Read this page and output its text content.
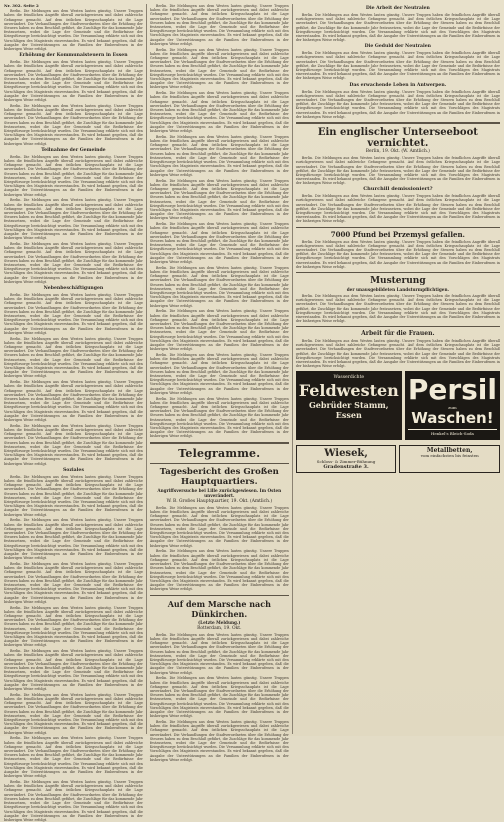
Nr. 302. Seite 2

Berlin. Die Meldungen aus dem Westen lauten günstig. Unsere Truppen haben die feindlichen Angriffe überall zurückgewiesen und dabei zahlreiche Gefangene gemacht. Auf dem östlichen Kriegsschauplatz ist die Lage unverändert. Die Verhandlungen der Stadtverordneten über die Erhöhung der Steuern haben zu dem Beschluß geführt, die Zuschläge für das kommende Jahr festzusetzen, wobei die Lage der Gemeinde und die Bedürfnisse der Kriegsfürsorge berücksichtigt wurden. Die Versammlung erklärte sich mit den Vorschlägen des Magistrats einverstanden. Es wird bekannt gegeben, daß die Ausgabe der Unterstützungen an die Familien der Einberufenen in der bisherigen Weise erfolgt.

Erhöhung der Kommunalsteuern in Essen

Berlin. Die Meldungen aus dem Westen lauten günstig. Unsere Truppen haben die feindlichen Angriffe überall zurückgewiesen und dabei zahlreiche Gefangene gemacht. Auf dem östlichen Kriegsschauplatz ist die Lage unverändert. Die Verhandlungen der Stadtverordneten über die Erhöhung der Steuern haben zu dem Beschluß geführt, die Zuschläge für das kommende Jahr festzusetzen, wobei die Lage der Gemeinde und die Bedürfnisse der Kriegsfürsorge berücksichtigt wurden. Die Versammlung erklärte sich mit den Vorschlägen des Magistrats einverstanden. Es wird bekannt gegeben, daß die Ausgabe der Unterstützungen an die Familien der Einberufenen in der bisherigen Weise erfolgt.

Berlin. Die Meldungen aus dem Westen lauten günstig. Unsere Truppen haben die feindlichen Angriffe überall zurückgewiesen und dabei zahlreiche Gefangene gemacht. Auf dem östlichen Kriegsschauplatz ist die Lage unverändert. Die Verhandlungen der Stadtverordneten über die Erhöhung der Steuern haben zu dem Beschluß geführt, die Zuschläge für das kommende Jahr festzusetzen, wobei die Lage der Gemeinde und die Bedürfnisse der Kriegsfürsorge berücksichtigt wurden. Die Versammlung erklärte sich mit den Vorschlägen des Magistrats einverstanden. Es wird bekannt gegeben, daß die Ausgabe der Unterstützungen an die Familien der Einberufenen in der bisherigen Weise erfolgt.

Teilnahme der Gemeinde

Berlin. Die Meldungen aus dem Westen lauten günstig. Unsere Truppen haben die feindlichen Angriffe überall zurückgewiesen und dabei zahlreiche Gefangene gemacht. Auf dem östlichen Kriegsschauplatz ist die Lage unverändert. Die Verhandlungen der Stadtverordneten über die Erhöhung der Steuern haben zu dem Beschluß geführt, die Zuschläge für das kommende Jahr festzusetzen, wobei die Lage der Gemeinde und die Bedürfnisse der Kriegsfürsorge berücksichtigt wurden. Die Versammlung erklärte sich mit den Vorschlägen des Magistrats einverstanden. Es wird bekannt gegeben, daß die Ausgabe der Unterstützungen an die Familien der Einberufenen in der bisherigen Weise erfolgt.

Berlin. Die Meldungen aus dem Westen lauten günstig. Unsere Truppen haben die feindlichen Angriffe überall zurückgewiesen und dabei zahlreiche Gefangene gemacht. Auf dem östlichen Kriegsschauplatz ist die Lage unverändert. Die Verhandlungen der Stadtverordneten über die Erhöhung der Steuern haben zu dem Beschluß geführt, die Zuschläge für das kommende Jahr festzusetzen, wobei die Lage der Gemeinde und die Bedürfnisse der Kriegsfürsorge berücksichtigt wurden. Die Versammlung erklärte sich mit den Vorschlägen des Magistrats einverstanden. Es wird bekannt gegeben, daß die Ausgabe der Unterstützungen an die Familien der Einberufenen in der bisherigen Weise erfolgt.

Berlin. Die Meldungen aus dem Westen lauten günstig. Unsere Truppen haben die feindlichen Angriffe überall zurückgewiesen und dabei zahlreiche Gefangene gemacht. Auf dem östlichen Kriegsschauplatz ist die Lage unverändert. Die Verhandlungen der Stadtverordneten über die Erhöhung der Steuern haben zu dem Beschluß geführt, die Zuschläge für das kommende Jahr festzusetzen, wobei die Lage der Gemeinde und die Bedürfnisse der Kriegsfürsorge berücksichtigt wurden. Die Versammlung erklärte sich mit den Vorschlägen des Magistrats einverstanden. Es wird bekannt gegeben, daß die Ausgabe der Unterstützungen an die Familien der Einberufenen in der bisherigen Weise erfolgt.

Nebenbeschäftigungen

Berlin. Die Meldungen aus dem Westen lauten günstig. Unsere Truppen haben die feindlichen Angriffe überall zurückgewiesen und dabei zahlreiche Gefangene gemacht. Auf dem östlichen Kriegsschauplatz ist die Lage unverändert. Die Verhandlungen der Stadtverordneten über die Erhöhung der Steuern haben zu dem Beschluß geführt, die Zuschläge für das kommende Jahr festzusetzen, wobei die Lage der Gemeinde und die Bedürfnisse der Kriegsfürsorge berücksichtigt wurden. Die Versammlung erklärte sich mit den Vorschlägen des Magistrats einverstanden. Es wird bekannt gegeben, daß die Ausgabe der Unterstützungen an die Familien der Einberufenen in der bisherigen Weise erfolgt.

Berlin. Die Meldungen aus dem Westen lauten günstig. Unsere Truppen haben die feindlichen Angriffe überall zurückgewiesen und dabei zahlreiche Gefangene gemacht. Auf dem östlichen Kriegsschauplatz ist die Lage unverändert. Die Verhandlungen der Stadtverordneten über die Erhöhung der Steuern haben zu dem Beschluß geführt, die Zuschläge für das kommende Jahr festzusetzen, wobei die Lage der Gemeinde und die Bedürfnisse der Kriegsfürsorge berücksichtigt wurden. Die Versammlung erklärte sich mit den Vorschlägen des Magistrats einverstanden. Es wird bekannt gegeben, daß die Ausgabe der Unterstützungen an die Familien der Einberufenen in der bisherigen Weise erfolgt.

Berlin. Die Meldungen aus dem Westen lauten günstig. Unsere Truppen haben die feindlichen Angriffe überall zurückgewiesen und dabei zahlreiche Gefangene gemacht. Auf dem östlichen Kriegsschauplatz ist die Lage unverändert. Die Verhandlungen der Stadtverordneten über die Erhöhung der Steuern haben zu dem Beschluß geführt, die Zuschläge für das kommende Jahr festzusetzen, wobei die Lage der Gemeinde und die Bedürfnisse der Kriegsfürsorge berücksichtigt wurden. Die Versammlung erklärte sich mit den Vorschlägen des Magistrats einverstanden. Es wird bekannt gegeben, daß die Ausgabe der Unterstützungen an die Familien der Einberufenen in der bisherigen Weise erfolgt.

Berlin. Die Meldungen aus dem Westen lauten günstig. Unsere Truppen haben die feindlichen Angriffe überall zurückgewiesen und dabei zahlreiche Gefangene gemacht. Auf dem östlichen Kriegsschauplatz ist die Lage unverändert. Die Verhandlungen der Stadtverordneten über die Erhöhung der Steuern haben zu dem Beschluß geführt, die Zuschläge für das kommende Jahr festzusetzen, wobei die Lage der Gemeinde und die Bedürfnisse der Kriegsfürsorge berücksichtigt wurden. Die Versammlung erklärte sich mit den Vorschlägen des Magistrats einverstanden. Es wird bekannt gegeben, daß die Ausgabe der Unterstützungen an die Familien der Einberufenen in der bisherigen Weise erfolgt.

Soziales

Berlin. Die Meldungen aus dem Westen lauten günstig. Unsere Truppen haben die feindlichen Angriffe überall zurückgewiesen und dabei zahlreiche Gefangene gemacht. Auf dem östlichen Kriegsschauplatz ist die Lage unverändert. Die Verhandlungen der Stadtverordneten über die Erhöhung der Steuern haben zu dem Beschluß geführt, die Zuschläge für das kommende Jahr festzusetzen, wobei die Lage der Gemeinde und die Bedürfnisse der Kriegsfürsorge berücksichtigt wurden. Die Versammlung erklärte sich mit den Vorschlägen des Magistrats einverstanden. Es wird bekannt gegeben, daß die Ausgabe der Unterstützungen an die Familien der Einberufenen in der bisherigen Weise erfolgt.

Berlin. Die Meldungen aus dem Westen lauten günstig. Unsere Truppen haben die feindlichen Angriffe überall zurückgewiesen und dabei zahlreiche Gefangene gemacht. Auf dem östlichen Kriegsschauplatz ist die Lage unverändert. Die Verhandlungen der Stadtverordneten über die Erhöhung der Steuern haben zu dem Beschluß geführt, die Zuschläge für das kommende Jahr festzusetzen, wobei die Lage der Gemeinde und die Bedürfnisse der Kriegsfürsorge berücksichtigt wurden. Die Versammlung erklärte sich mit den Vorschlägen des Magistrats einverstanden. Es wird bekannt gegeben, daß die Ausgabe der Unterstützungen an die Familien der Einberufenen in der bisherigen Weise erfolgt.

Berlin. Die Meldungen aus dem Westen lauten günstig. Unsere Truppen haben die feindlichen Angriffe überall zurückgewiesen und dabei zahlreiche Gefangene gemacht. Auf dem östlichen Kriegsschauplatz ist die Lage unverändert. Die Verhandlungen der Stadtverordneten über die Erhöhung der Steuern haben zu dem Beschluß geführt, die Zuschläge für das kommende Jahr festzusetzen, wobei die Lage der Gemeinde und die Bedürfnisse der Kriegsfürsorge berücksichtigt wurden. Die Versammlung erklärte sich mit den Vorschlägen des Magistrats einverstanden. Es wird bekannt gegeben, daß die Ausgabe der Unterstützungen an die Familien der Einberufenen in der bisherigen Weise erfolgt.

Berlin. Die Meldungen aus dem Westen lauten günstig. Unsere Truppen haben die feindlichen Angriffe überall zurückgewiesen und dabei zahlreiche Gefangene gemacht. Auf dem östlichen Kriegsschauplatz ist die Lage unverändert. Die Verhandlungen der Stadtverordneten über die Erhöhung der Steuern haben zu dem Beschluß geführt, die Zuschläge für das kommende Jahr festzusetzen, wobei die Lage der Gemeinde und die Bedürfnisse der Kriegsfürsorge berücksichtigt wurden. Die Versammlung erklärte sich mit den Vorschlägen des Magistrats einverstanden. Es wird bekannt gegeben, daß die Ausgabe der Unterstützungen an die Familien der Einberufenen in der bisherigen Weise erfolgt.

Berlin. Die Meldungen aus dem Westen lauten günstig. Unsere Truppen haben die feindlichen Angriffe überall zurückgewiesen und dabei zahlreiche Gefangene gemacht. Auf dem östlichen Kriegsschauplatz ist die Lage unverändert. Die Verhandlungen der Stadtverordneten über die Erhöhung der Steuern haben zu dem Beschluß geführt, die Zuschläge für das kommende Jahr festzusetzen, wobei die Lage der Gemeinde und die Bedürfnisse der Kriegsfürsorge berücksichtigt wurden. Die Versammlung erklärte sich mit den Vorschlägen des Magistrats einverstanden. Es wird bekannt gegeben, daß die Ausgabe der Unterstützungen an die Familien der Einberufenen in der bisherigen Weise erfolgt.

Berlin. Die Meldungen aus dem Westen lauten günstig. Unsere Truppen haben die feindlichen Angriffe überall zurückgewiesen und dabei zahlreiche Gefangene gemacht. Auf dem östlichen Kriegsschauplatz ist die Lage unverändert. Die Verhandlungen der Stadtverordneten über die Erhöhung der Steuern haben zu dem Beschluß geführt, die Zuschläge für das kommende Jahr festzusetzen, wobei die Lage der Gemeinde und die Bedürfnisse der Kriegsfürsorge berücksichtigt wurden. Die Versammlung erklärte sich mit den Vorschlägen des Magistrats einverstanden. Es wird bekannt gegeben, daß die Ausgabe der Unterstützungen an die Familien der Einberufenen in der bisherigen Weise erfolgt.

Berlin. Die Meldungen aus dem Westen lauten günstig. Unsere Truppen haben die feindlichen Angriffe überall zurückgewiesen und dabei zahlreiche Gefangene gemacht. Auf dem östlichen Kriegsschauplatz ist die Lage unverändert. Die Verhandlungen der Stadtverordneten über die Erhöhung der Steuern haben zu dem Beschluß geführt, die Zuschläge für das kommende Jahr festzusetzen, wobei die Lage der Gemeinde und die Bedürfnisse der Kriegsfürsorge berücksichtigt wurden. Die Versammlung erklärte sich mit den Vorschlägen des Magistrats einverstanden. Es wird bekannt gegeben, daß die Ausgabe der Unterstützungen an die Familien der Einberufenen in der bisherigen Weise erfolgt.

Berlin. Die Meldungen aus dem Westen lauten günstig. Unsere Truppen haben die feindlichen Angriffe überall zurückgewiesen und dabei zahlreiche Gefangene gemacht. Auf dem östlichen Kriegsschauplatz ist die Lage unverändert. Die Verhandlungen der Stadtverordneten über die Erhöhung der Steuern haben zu dem Beschluß geführt, die Zuschläge für das kommende Jahr festzusetzen, wobei die Lage der Gemeinde und die Bedürfnisse der Kriegsfürsorge berücksichtigt wurden. Die Versammlung erklärte sich mit den Vorschlägen des Magistrats einverstanden. Es wird bekannt gegeben, daß die Ausgabe der Unterstützungen an die Familien der Einberufenen in der bisherigen Weise erfolgt.

Berlin. Die Meldungen aus dem Westen lauten günstig. Unsere Truppen haben die feindlichen Angriffe überall zurückgewiesen und dabei zahlreiche Gefangene gemacht. Auf dem östlichen Kriegsschauplatz ist die Lage unverändert. Die Verhandlungen der Stadtverordneten über die Erhöhung der Steuern haben zu dem Beschluß geführt, die Zuschläge für das kommende Jahr festzusetzen, wobei die Lage der Gemeinde und die Bedürfnisse der Kriegsfürsorge berücksichtigt wurden. Die Versammlung erklärte sich mit den Vorschlägen des Magistrats einverstanden. Es wird bekannt gegeben, daß die Ausgabe der Unterstützungen an die Familien der Einberufenen in der bisherigen Weise erfolgt.

Berlin. Die Meldungen aus dem Westen lauten günstig. Unsere Truppen haben die feindlichen Angriffe überall zurückgewiesen und dabei zahlreiche Gefangene gemacht. Auf dem östlichen Kriegsschauplatz ist die Lage unverändert. Die Verhandlungen der Stadtverordneten über die Erhöhung der Steuern haben zu dem Beschluß geführt, die Zuschläge für das kommende Jahr festzusetzen, wobei die Lage der Gemeinde und die Bedürfnisse der Kriegsfürsorge berücksichtigt wurden. Die Versammlung erklärte sich mit den Vorschlägen des Magistrats einverstanden. Es wird bekannt gegeben, daß die Ausgabe der Unterstützungen an die Familien der Einberufenen in der bisherigen Weise erfolgt.

Berlin. Die Meldungen aus dem Westen lauten günstig. Unsere Truppen haben die feindlichen Angriffe überall zurückgewiesen und dabei zahlreiche Gefangene gemacht. Auf dem östlichen Kriegsschauplatz ist die Lage unverändert. Die Verhandlungen der Stadtverordneten über die Erhöhung der Steuern haben zu dem Beschluß geführt, die Zuschläge für das kommende Jahr festzusetzen, wobei die Lage der Gemeinde und die Bedürfnisse der Kriegsfürsorge berücksichtigt wurden. Die Versammlung erklärte sich mit den Vorschlägen des Magistrats einverstanden. Es wird bekannt gegeben, daß die Ausgabe der Unterstützungen an die Familien der Einberufenen in der bisherigen Weise erfolgt.

Berlin. Die Meldungen aus dem Westen lauten günstig. Unsere Truppen haben die feindlichen Angriffe überall zurückgewiesen und dabei zahlreiche Gefangene gemacht. Auf dem östlichen Kriegsschauplatz ist die Lage unverändert. Die Verhandlungen der Stadtverordneten über die Erhöhung der Steuern haben zu dem Beschluß geführt, die Zuschläge für das kommende Jahr festzusetzen, wobei die Lage der Gemeinde und die Bedürfnisse der Kriegsfürsorge berücksichtigt wurden. Die Versammlung erklärte sich mit den Vorschlägen des Magistrats einverstanden. Es wird bekannt gegeben, daß die Ausgabe der Unterstützungen an die Familien der Einberufenen in der bisherigen Weise erfolgt.

Berlin. Die Meldungen aus dem Westen lauten günstig. Unsere Truppen haben die feindlichen Angriffe überall zurückgewiesen und dabei zahlreiche Gefangene gemacht. Auf dem östlichen Kriegsschauplatz ist die Lage unverändert. Die Verhandlungen der Stadtverordneten über die Erhöhung der Steuern haben zu dem Beschluß geführt, die Zuschläge für das kommende Jahr festzusetzen, wobei die Lage der Gemeinde und die Bedürfnisse der Kriegsfürsorge berücksichtigt wurden. Die Versammlung erklärte sich mit den Vorschlägen des Magistrats einverstanden. Es wird bekannt gegeben, daß die Ausgabe der Unterstützungen an die Familien der Einberufenen in der bisherigen Weise erfolgt.

Berlin. Die Meldungen aus dem Westen lauten günstig. Unsere Truppen haben die feindlichen Angriffe überall zurückgewiesen und dabei zahlreiche Gefangene gemacht. Auf dem östlichen Kriegsschauplatz ist die Lage unverändert. Die Verhandlungen der Stadtverordneten über die Erhöhung der Steuern haben zu dem Beschluß geführt, die Zuschläge für das kommende Jahr festzusetzen, wobei die Lage der Gemeinde und die Bedürfnisse der Kriegsfürsorge berücksichtigt wurden. Die Versammlung erklärte sich mit den Vorschlägen des Magistrats einverstanden. Es wird bekannt gegeben, daß die Ausgabe der Unterstützungen an die Familien der Einberufenen in der bisherigen Weise erfolgt.

Berlin. Die Meldungen aus dem Westen lauten günstig. Unsere Truppen haben die feindlichen Angriffe überall zurückgewiesen und dabei zahlreiche Gefangene gemacht. Auf dem östlichen Kriegsschauplatz ist die Lage unverändert. Die Verhandlungen der Stadtverordneten über die Erhöhung der Steuern haben zu dem Beschluß geführt, die Zuschläge für das kommende Jahr festzusetzen, wobei die Lage der Gemeinde und die Bedürfnisse der Kriegsfürsorge berücksichtigt wurden. Die Versammlung erklärte sich mit den Vorschlägen des Magistrats einverstanden. Es wird bekannt gegeben, daß die Ausgabe der Unterstützungen an die Familien der Einberufenen in der bisherigen Weise erfolgt.

Berlin. Die Meldungen aus dem Westen lauten günstig. Unsere Truppen haben die feindlichen Angriffe überall zurückgewiesen und dabei zahlreiche Gefangene gemacht. Auf dem östlichen Kriegsschauplatz ist die Lage unverändert. Die Verhandlungen der Stadtverordneten über die Erhöhung der Steuern haben zu dem Beschluß geführt, die Zuschläge für das kommende Jahr festzusetzen, wobei die Lage der Gemeinde und die Bedürfnisse der Kriegsfürsorge berücksichtigt wurden. Die Versammlung erklärte sich mit den Vorschlägen des Magistrats einverstanden. Es wird bekannt gegeben, daß die Ausgabe der Unterstützungen an die Familien der Einberufenen in der bisherigen Weise erfolgt.

Berlin. Die Meldungen aus dem Westen lauten günstig. Unsere Truppen haben die feindlichen Angriffe überall zurückgewiesen und dabei zahlreiche Gefangene gemacht. Auf dem östlichen Kriegsschauplatz ist die Lage unverändert. Die Verhandlungen der Stadtverordneten über die Erhöhung der Steuern haben zu dem Beschluß geführt, die Zuschläge für das kommende Jahr festzusetzen, wobei die Lage der Gemeinde und die Bedürfnisse der Kriegsfürsorge berücksichtigt wurden. Die Versammlung erklärte sich mit den Vorschlägen des Magistrats einverstanden. Es wird bekannt gegeben, daß die Ausgabe der Unterstützungen an die Familien der Einberufenen in der bisherigen Weise erfolgt.

Berlin. Die Meldungen aus dem Westen lauten günstig. Unsere Truppen haben die feindlichen Angriffe überall zurückgewiesen und dabei zahlreiche Gefangene gemacht. Auf dem östlichen Kriegsschauplatz ist die Lage unverändert. Die Verhandlungen der Stadtverordneten über die Erhöhung der Steuern haben zu dem Beschluß geführt, die Zuschläge für das kommende Jahr festzusetzen, wobei die Lage der Gemeinde und die Bedürfnisse der Kriegsfürsorge berücksichtigt wurden. Die Versammlung erklärte sich mit den Vorschlägen des Magistrats einverstanden. Es wird bekannt gegeben, daß die Ausgabe der Unterstützungen an die Familien der Einberufenen in der bisherigen Weise erfolgt.

Telegramme.
Tagesbericht des Großen Hauptquartiers.
Angriffsversuche bei Lille zurückgewiesen. Im Osten unverändert.
W. B. Großes Hauptquartier, 19. Okt. (Amtlich.)

Berlin. Die Meldungen aus dem Westen lauten günstig. Unsere Truppen haben die feindlichen Angriffe überall zurückgewiesen und dabei zahlreiche Gefangene gemacht. Auf dem östlichen Kriegsschauplatz ist die Lage unverändert. Die Verhandlungen der Stadtverordneten über die Erhöhung der Steuern haben zu dem Beschluß geführt, die Zuschläge für das kommende Jahr festzusetzen, wobei die Lage der Gemeinde und die Bedürfnisse der Kriegsfürsorge berücksichtigt wurden. Die Versammlung erklärte sich mit den Vorschlägen des Magistrats einverstanden. Es wird bekannt gegeben, daß die Ausgabe der Unterstützungen an die Familien der Einberufenen in der bisherigen Weise erfolgt.

Berlin. Die Meldungen aus dem Westen lauten günstig. Unsere Truppen haben die feindlichen Angriffe überall zurückgewiesen und dabei zahlreiche Gefangene gemacht. Auf dem östlichen Kriegsschauplatz ist die Lage unverändert. Die Verhandlungen der Stadtverordneten über die Erhöhung der Steuern haben zu dem Beschluß geführt, die Zuschläge für das kommende Jahr festzusetzen, wobei die Lage der Gemeinde und die Bedürfnisse der Kriegsfürsorge berücksichtigt wurden. Die Versammlung erklärte sich mit den Vorschlägen des Magistrats einverstanden. Es wird bekannt gegeben, daß die Ausgabe der Unterstützungen an die Familien der Einberufenen in der bisherigen Weise erfolgt.

Auf dem Marsche nach Dünkirchen.
(Letzte Meldung.)
Rotterdam, 19. Okt.

Berlin. Die Meldungen aus dem Westen lauten günstig. Unsere Truppen haben die feindlichen Angriffe überall zurückgewiesen und dabei zahlreiche Gefangene gemacht. Auf dem östlichen Kriegsschauplatz ist die Lage unverändert. Die Verhandlungen der Stadtverordneten über die Erhöhung der Steuern haben zu dem Beschluß geführt, die Zuschläge für das kommende Jahr festzusetzen, wobei die Lage der Gemeinde und die Bedürfnisse der Kriegsfürsorge berücksichtigt wurden. Die Versammlung erklärte sich mit den Vorschlägen des Magistrats einverstanden. Es wird bekannt gegeben, daß die Ausgabe der Unterstützungen an die Familien der Einberufenen in der bisherigen Weise erfolgt.

Berlin. Die Meldungen aus dem Westen lauten günstig. Unsere Truppen haben die feindlichen Angriffe überall zurückgewiesen und dabei zahlreiche Gefangene gemacht. Auf dem östlichen Kriegsschauplatz ist die Lage unverändert. Die Verhandlungen der Stadtverordneten über die Erhöhung der Steuern haben zu dem Beschluß geführt, die Zuschläge für das kommende Jahr festzusetzen, wobei die Lage der Gemeinde und die Bedürfnisse der Kriegsfürsorge berücksichtigt wurden. Die Versammlung erklärte sich mit den Vorschlägen des Magistrats einverstanden. Es wird bekannt gegeben, daß die Ausgabe der Unterstützungen an die Familien der Einberufenen in der bisherigen Weise erfolgt.

Berlin. Die Meldungen aus dem Westen lauten günstig. Unsere Truppen haben die feindlichen Angriffe überall zurückgewiesen und dabei zahlreiche Gefangene gemacht. Auf dem östlichen Kriegsschauplatz ist die Lage unverändert. Die Verhandlungen der Stadtverordneten über die Erhöhung der Steuern haben zu dem Beschluß geführt, die Zuschläge für das kommende Jahr festzusetzen, wobei die Lage der Gemeinde und die Bedürfnisse der Kriegsfürsorge berücksichtigt wurden. Die Versammlung erklärte sich mit den Vorschlägen des Magistrats einverstanden. Es wird bekannt gegeben, daß die Ausgabe der Unterstützungen an die Familien der Einberufenen in der bisherigen Weise erfolgt.

Die Arbeit der Neutralen

Berlin. Die Meldungen aus dem Westen lauten günstig. Unsere Truppen haben die feindlichen Angriffe überall zurückgewiesen und dabei zahlreiche Gefangene gemacht. Auf dem östlichen Kriegsschauplatz ist die Lage unverändert. Die Verhandlungen der Stadtverordneten über die Erhöhung der Steuern haben zu dem Beschluß geführt, die Zuschläge für das kommende Jahr festzusetzen, wobei die Lage der Gemeinde und die Bedürfnisse der Kriegsfürsorge berücksichtigt wurden. Die Versammlung erklärte sich mit den Vorschlägen des Magistrats einverstanden. Es wird bekannt gegeben, daß die Ausgabe der Unterstützungen an die Familien der Einberufenen in der bisherigen Weise erfolgt.

Die Geduld der Neutralen

Berlin. Die Meldungen aus dem Westen lauten günstig. Unsere Truppen haben die feindlichen Angriffe überall zurückgewiesen und dabei zahlreiche Gefangene gemacht. Auf dem östlichen Kriegsschauplatz ist die Lage unverändert. Die Verhandlungen der Stadtverordneten über die Erhöhung der Steuern haben zu dem Beschluß geführt, die Zuschläge für das kommende Jahr festzusetzen, wobei die Lage der Gemeinde und die Bedürfnisse der Kriegsfürsorge berücksichtigt wurden. Die Versammlung erklärte sich mit den Vorschlägen des Magistrats einverstanden. Es wird bekannt gegeben, daß die Ausgabe der Unterstützungen an die Familien der Einberufenen in der bisherigen Weise erfolgt.

Das erwachende Leben in Antwerpen.

Berlin. Die Meldungen aus dem Westen lauten günstig. Unsere Truppen haben die feindlichen Angriffe überall zurückgewiesen und dabei zahlreiche Gefangene gemacht. Auf dem östlichen Kriegsschauplatz ist die Lage unverändert. Die Verhandlungen der Stadtverordneten über die Erhöhung der Steuern haben zu dem Beschluß geführt, die Zuschläge für das kommende Jahr festzusetzen, wobei die Lage der Gemeinde und die Bedürfnisse der Kriegsfürsorge berücksichtigt wurden. Die Versammlung erklärte sich mit den Vorschlägen des Magistrats einverstanden. Es wird bekannt gegeben, daß die Ausgabe der Unterstützungen an die Familien der Einberufenen in der bisherigen Weise erfolgt.

Ein englischer Unterseeboot vernichtet.
Berlin, 19. Okt. (W. Amtlich.)

Berlin. Die Meldungen aus dem Westen lauten günstig. Unsere Truppen haben die feindlichen Angriffe überall zurückgewiesen und dabei zahlreiche Gefangene gemacht. Auf dem östlichen Kriegsschauplatz ist die Lage unverändert. Die Verhandlungen der Stadtverordneten über die Erhöhung der Steuern haben zu dem Beschluß geführt, die Zuschläge für das kommende Jahr festzusetzen, wobei die Lage der Gemeinde und die Bedürfnisse der Kriegsfürsorge berücksichtigt wurden. Die Versammlung erklärte sich mit den Vorschlägen des Magistrats einverstanden. Es wird bekannt gegeben, daß die Ausgabe der Unterstützungen an die Familien der Einberufenen in der bisherigen Weise erfolgt.

Churchill demissioniert?

Berlin. Die Meldungen aus dem Westen lauten günstig. Unsere Truppen haben die feindlichen Angriffe überall zurückgewiesen und dabei zahlreiche Gefangene gemacht. Auf dem östlichen Kriegsschauplatz ist die Lage unverändert. Die Verhandlungen der Stadtverordneten über die Erhöhung der Steuern haben zu dem Beschluß geführt, die Zuschläge für das kommende Jahr festzusetzen, wobei die Lage der Gemeinde und die Bedürfnisse der Kriegsfürsorge berücksichtigt wurden. Die Versammlung erklärte sich mit den Vorschlägen des Magistrats einverstanden. Es wird bekannt gegeben, daß die Ausgabe der Unterstützungen an die Familien der Einberufenen in der bisherigen Weise erfolgt.

7000 Pfund bei Przemysl gefallen.

Berlin. Die Meldungen aus dem Westen lauten günstig. Unsere Truppen haben die feindlichen Angriffe überall zurückgewiesen und dabei zahlreiche Gefangene gemacht. Auf dem östlichen Kriegsschauplatz ist die Lage unverändert. Die Verhandlungen der Stadtverordneten über die Erhöhung der Steuern haben zu dem Beschluß geführt, die Zuschläge für das kommende Jahr festzusetzen, wobei die Lage der Gemeinde und die Bedürfnisse der Kriegsfürsorge berücksichtigt wurden. Die Versammlung erklärte sich mit den Vorschlägen des Magistrats einverstanden. Es wird bekannt gegeben, daß die Ausgabe der Unterstützungen an die Familien der Einberufenen in der bisherigen Weise erfolgt.

Musterung
der unausgebildeten Landsturmpflichtigen.

Berlin. Die Meldungen aus dem Westen lauten günstig. Unsere Truppen haben die feindlichen Angriffe überall zurückgewiesen und dabei zahlreiche Gefangene gemacht. Auf dem östlichen Kriegsschauplatz ist die Lage unverändert. Die Verhandlungen der Stadtverordneten über die Erhöhung der Steuern haben zu dem Beschluß geführt, die Zuschläge für das kommende Jahr festzusetzen, wobei die Lage der Gemeinde und die Bedürfnisse der Kriegsfürsorge berücksichtigt wurden. Die Versammlung erklärte sich mit den Vorschlägen des Magistrats einverstanden. Es wird bekannt gegeben, daß die Ausgabe der Unterstützungen an die Familien der Einberufenen in der bisherigen Weise erfolgt.

Arbeit für die Frauen.

Berlin. Die Meldungen aus dem Westen lauten günstig. Unsere Truppen haben die feindlichen Angriffe überall zurückgewiesen und dabei zahlreiche Gefangene gemacht. Auf dem östlichen Kriegsschauplatz ist die Lage unverändert. Die Verhandlungen der Stadtverordneten über die Erhöhung der Steuern haben zu dem Beschluß geführt, die Zuschläge für das kommende Jahr festzusetzen, wobei die Lage der Gemeinde und die Bedürfnisse der Kriegsfürsorge berücksichtigt wurden. Die Versammlung erklärte sich mit den Vorschlägen des Magistrats einverstanden. Es wird bekannt gegeben, daß die Ausgabe der Unterstützungen an die Familien der Einberufenen in der bisherigen Weise erfolgt.

Wasserdichte
Feldwesten
Gebrüder Stamm,
Essen
Persil
zum
Waschen!
Henkel's Bleich-Soda
Wiesek,
Schloss- & Zimmer-Bühnung
Gradenstraße 3.
Metallbetten,
vom einfachsten bis feinsten
